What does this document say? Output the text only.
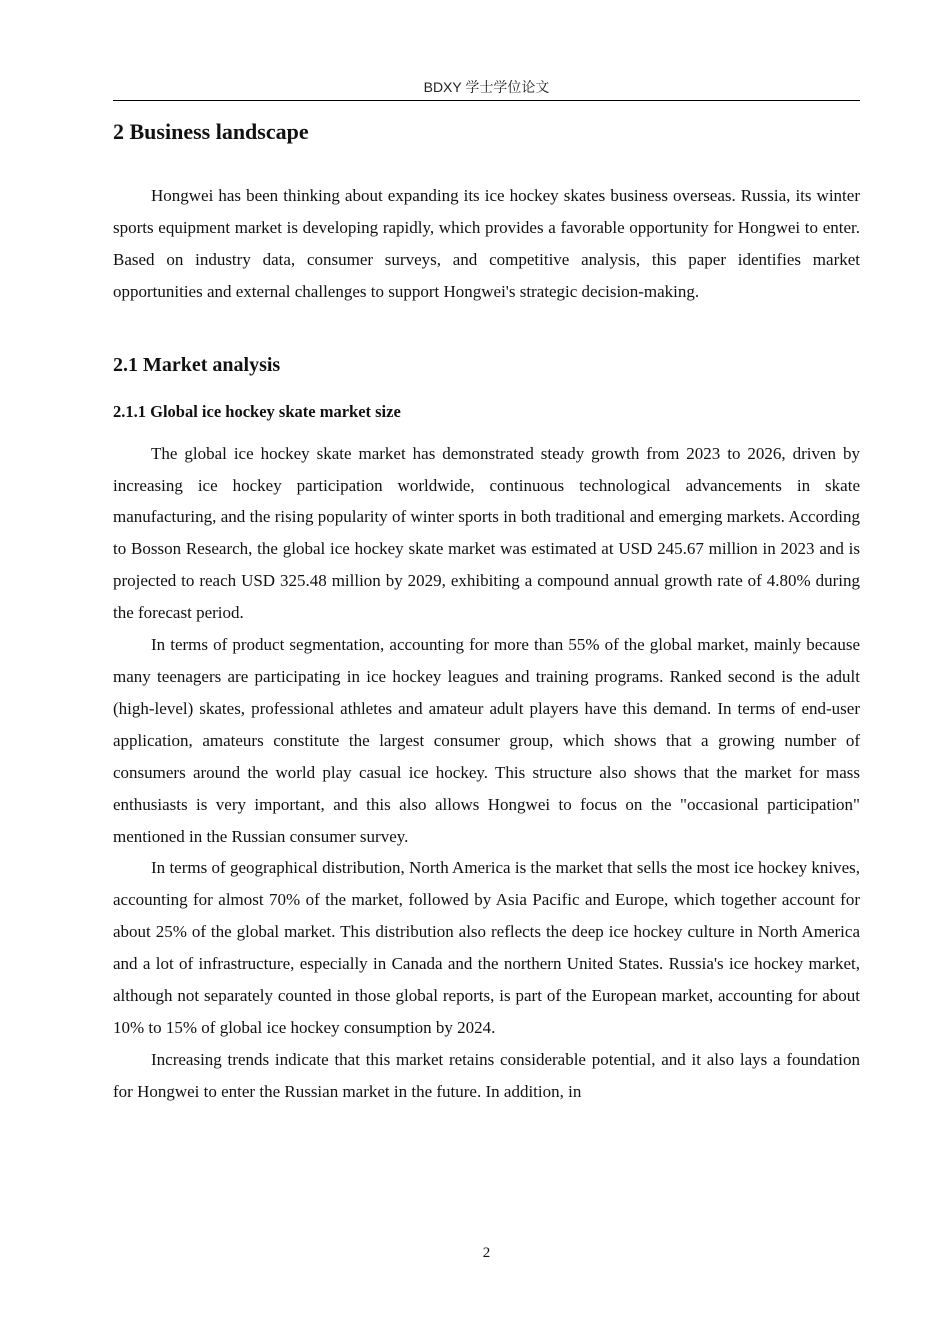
BDXY 学士学位论文
2 Business landscape

Hongwei has been thinking about expanding its ice hockey skates business overseas. Russia, its winter sports equipment market is developing rapidly, which provides a favorable opportunity for Hongwei to enter. Based on industry data, consumer surveys, and competitive analysis, this paper identifies market opportunities and external challenges to support Hongwei's strategic decision-making.

2.1 Market analysis
2.1.1 Global ice hockey skate market size

The global ice hockey skate market has demonstrated steady growth from 2023 to 2026, driven by increasing ice hockey participation worldwide, continuous technological advancements in skate manufacturing, and the rising popularity of winter sports in both traditional and emerging markets. According to Bosson Research, the global ice hockey skate market was estimated at USD 245.67 million in 2023 and is projected to reach USD 325.48 million by 2029, exhibiting a compound annual growth rate of 4.80% during the forecast period.

In terms of product segmentation, accounting for more than 55% of the global market, mainly because many teenagers are participating in ice hockey leagues and training programs. Ranked second is the adult (high-level) skates, professional athletes and amateur adult players have this demand. In terms of end-user application, amateurs constitute the largest consumer group, which shows that a growing number of consumers around the world play casual ice hockey. This structure also shows that the market for mass enthusiasts is very important, and this also allows Hongwei to focus on the "occasional participation" mentioned in the Russian consumer survey.

In terms of geographical distribution, North America is the market that sells the most ice hockey knives, accounting for almost 70% of the market, followed by Asia Pacific and Europe, which together account for about 25% of the global market. This distribution also reflects the deep ice hockey culture in North America and a lot of infrastructure, especially in Canada and the northern United States. Russia's ice hockey market, although not separately counted in those global reports, is part of the European market, accounting for about 10% to 15% of global ice hockey consumption by 2024.

Increasing trends indicate that this market retains considerable potential, and it also lays a foundation for Hongwei to enter the Russian market in the future. In addition, in

2
